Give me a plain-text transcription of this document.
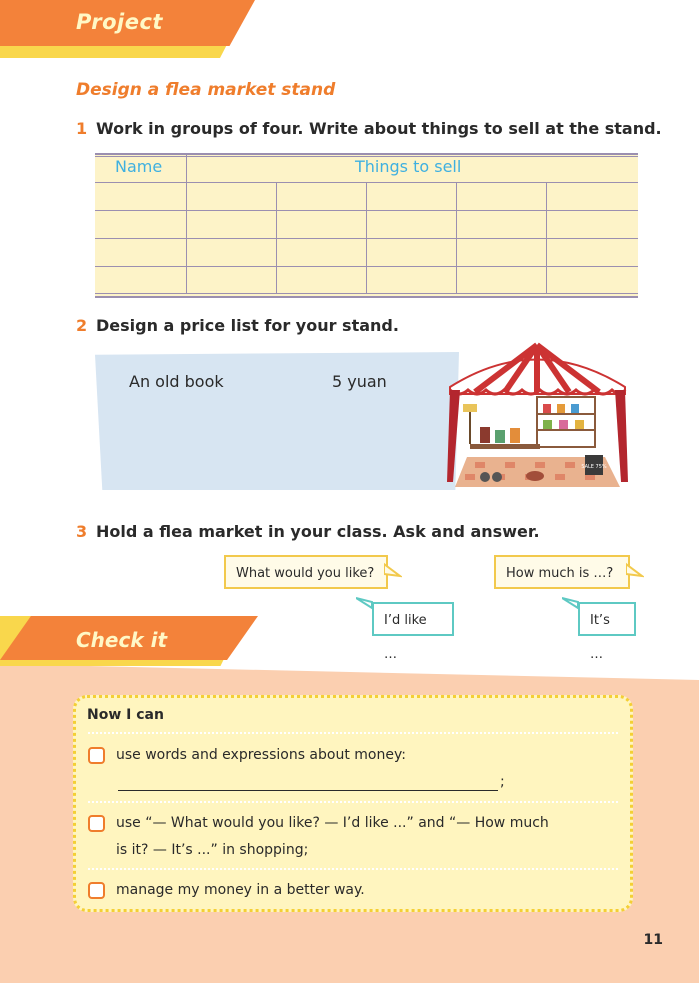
Project
Design a flea market stand
1 Work in groups of four. Write about things to sell at the stand.
Name	Things to sell
2 Design a price list for your stand.
An old book	5 yuan
SALE 75%
3 Hold a flea market in your class. Ask and answer.
What would you like?
I’d like …
How much is …?
It’s …
Check it
Now I can
use words and expressions about money:
;
use “— What would you like? — I’d like ...” and “— How much
is it? — It’s ...” in shopping;
manage my money in a better way.
11
